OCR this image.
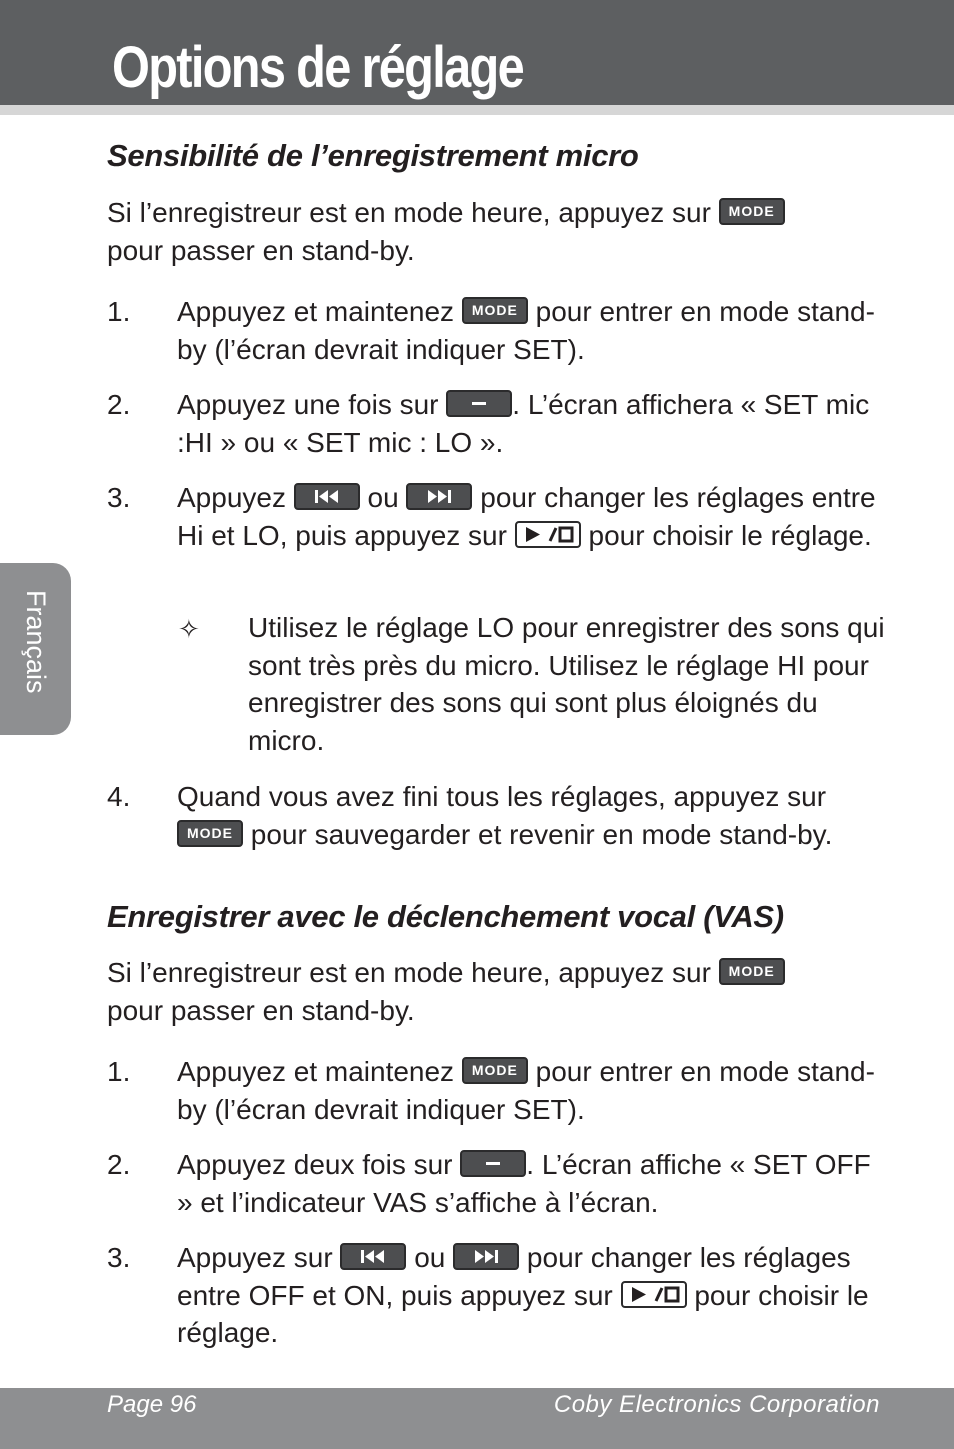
Options de réglage
Français
Sensibilité de l’enregistrement micro
Si l’enregistreur est en mode heure, appuyez sur MODE
pour passer en stand-by.
1. Appuyez et maintenez MODE pour entrer en mode stand-by (l’écran devrait indiquer SET).
2. Appuyez une fois sur	. L’écran affichera « SET mic :HI » ou « SET mic : LO ».
3. Appuyez	ou	pour changer les réglages entre Hi et LO, puis appuyez sur	pour choisir le réglage.
✧ Utilisez le réglage LO pour enregistrer des sons qui sont très près du micro. Utilisez le réglage HI pour enregistrer des sons qui sont plus éloignés du micro.
4. Quand vous avez fini tous les réglages, appuyez sur
MODE pour sauvegarder et revenir en mode stand-by.
Enregistrer avec le déclenchement vocal (VAS)
Si l’enregistreur est en mode heure, appuyez sur MODE
pour passer en stand-by.
1. Appuyez et maintenez MODE pour entrer en mode stand-by (l’écran devrait indiquer SET).
2. Appuyez deux fois sur	. L’écran affiche « SET OFF » et l’indicateur VAS s’affiche à l’écran.
3. Appuyez sur	ou	pour changer les réglages entre OFF et ON, puis appuyez sur	pour choisir le réglage.
Page 96	Coby Electronics Corporation
